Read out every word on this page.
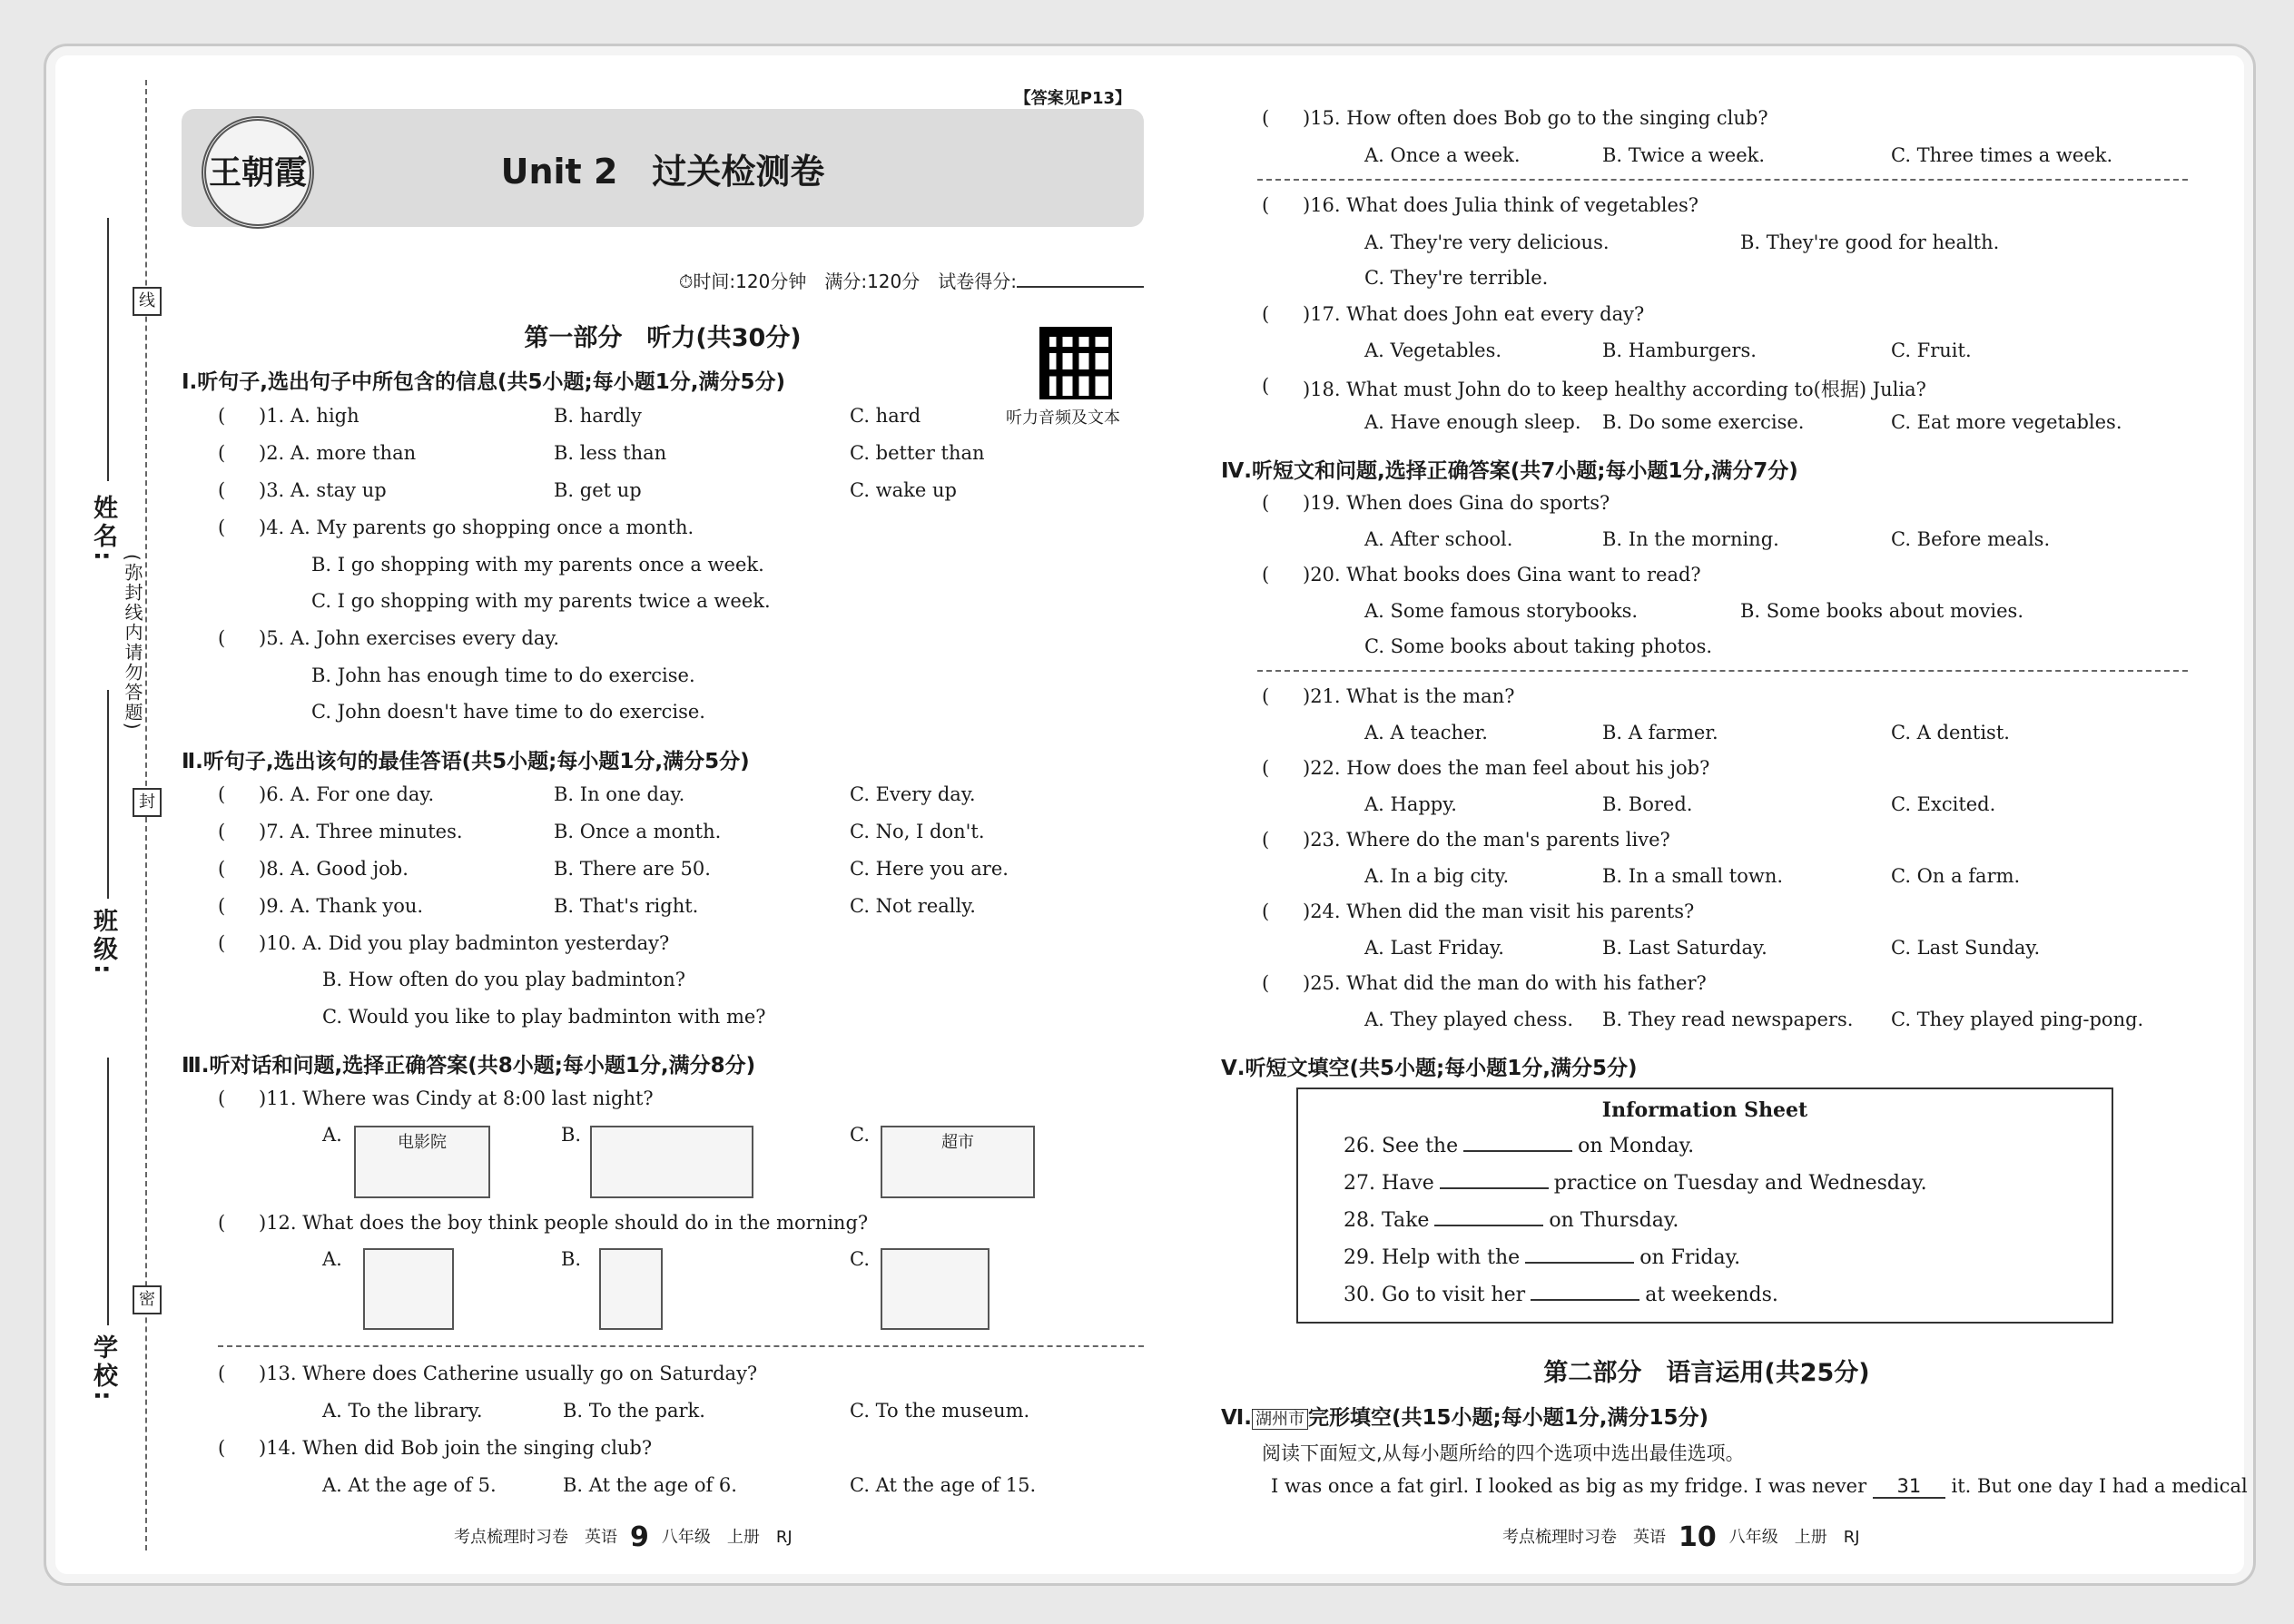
姓名:
班级:
学校:
线
封
密
(弥封线内请勿答题)
【答案见P13】
王朝霞	Unit 2　过关检测卷
⏱时间:120分钟　满分:120分　试卷得分:
第一部分　听力(共30分)
听力音频及文本
Ⅰ.听句子,选出句子中所包含的信息(共5小题;每小题1分,满分5分)
( )1. A. high	B. hardly	C. hard
( )2. A. more than	B. less than	C. better than
( )3. A. stay up	B. get up	C. wake up
( )4. A. My parents go shopping once a month.
B. I go shopping with my parents once a week.
C. I go shopping with my parents twice a week.
( )5. A. John exercises every day.
B. John has enough time to do exercise.
C. John doesn't have time to do exercise.
Ⅱ.听句子,选出该句的最佳答语(共5小题;每小题1分,满分5分)
( )6. A. For one day.	B. In one day.	C. Every day.
( )7. A. Three minutes.	B. Once a month.	C. No, I don't.
( )8. A. Good job.	B. There are 50.	C. Here you are.
( )9. A. Thank you.	B. That's right.	C. Not really.
( )10. A. Did you play badminton yesterday?
B. How often do you play badminton?
C. Would you like to play badminton with me?
Ⅲ.听对话和问题,选择正确答案(共8小题;每小题1分,满分8分)
( )11. Where was Cindy at 8:00 last night?
A.	电影院	B.	C.	超市
( )12. What does the boy think people should do in the morning?
A.	B.	C.
( )13. Where does Catherine usually go on Saturday?
A. To the library.	B. To the park.	C. To the museum.
( )14. When did Bob join the singing club?
A. At the age of 5.	B. At the age of 6.	C. At the age of 15.
考点梳理时习卷　英语 9 八年级　上册　RJ
( )15. How often does Bob go to the singing club?
A. Once a week.	B. Twice a week.	C. Three times a week.
( )16. What does Julia think of vegetables?
A. They're very delicious.	B. They're good for health.
C. They're terrible.
( )17. What does John eat every day?
A. Vegetables.	B. Hamburgers.	C. Fruit.
( )18. What must John do to keep healthy according to(根据) Julia?
A. Have enough sleep. B. Do some exercise.	C. Eat more vegetables.
Ⅳ.听短文和问题,选择正确答案(共7小题;每小题1分,满分7分)
( )19. When does Gina do sports?
A. After school.	B. In the morning.	C. Before meals.
( )20. What books does Gina want to read?
A. Some famous storybooks.	B. Some books about movies.
C. Some books about taking photos.
( )21. What is the man?
A. A teacher.	B. A farmer.	C. A dentist.
( )22. How does the man feel about his job?
A. Happy.	B. Bored.	C. Excited.
( )23. Where do the man's parents live?
A. In a big city.	B. In a small town.	C. On a farm.
( )24. When did the man visit his parents?
A. Last Friday.	B. Last Saturday.	C. Last Sunday.
( )25. What did the man do with his father?
A. They played chess. B. They read newspapers. C. They played ping-pong.
Ⅴ.听短文填空(共5小题;每小题1分,满分5分)
第二部分　语言运用(共25分)
Ⅵ. 湖州市 完形填空(共15小题;每小题1分,满分15分)
阅读下面短文,从每小题所给的四个选项中选出最佳选项。
I was once a fat girl. I looked as big as my fridge. I was never 31 it. But one day I had a medical
考点梳理时习卷　英语 10 八年级　上册　RJ
Information Sheet
26. See the	on Monday.
27. Have	practice on Tuesday and Wednesday.
28. Take	on Thursday.
29. Help with the	on Friday.
30. Go to visit her	at weekends.
